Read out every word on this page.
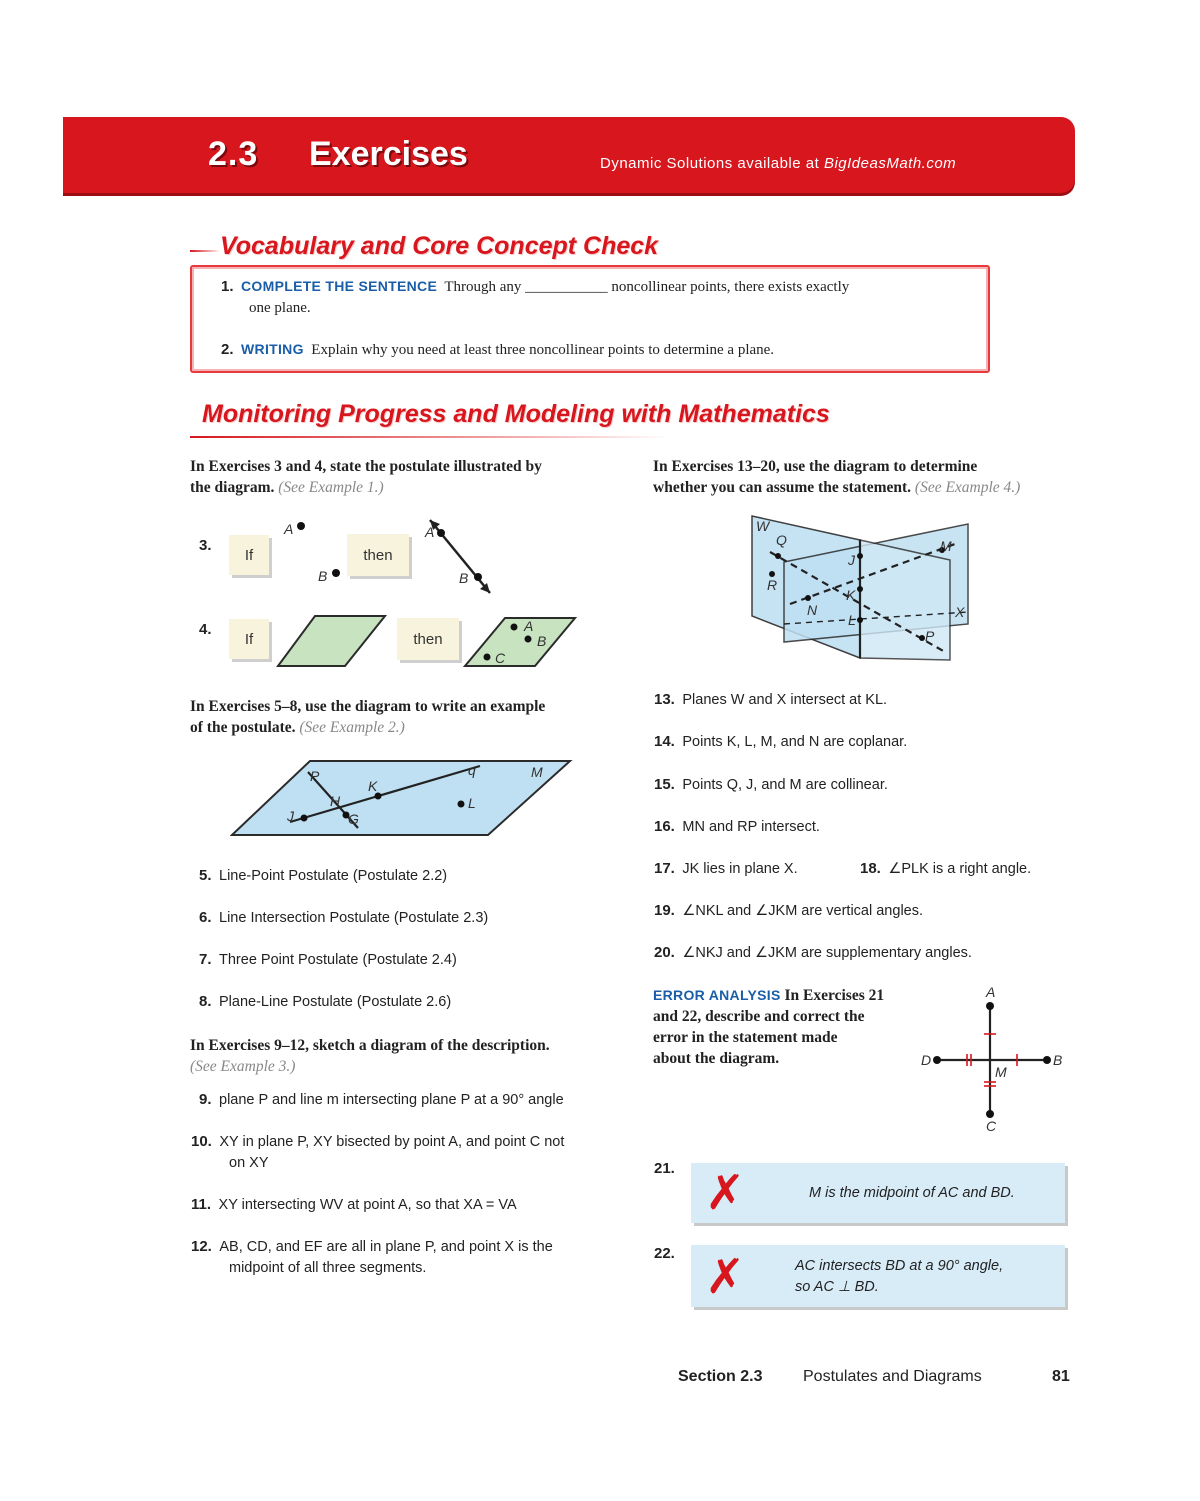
2.3 Exercises	Dynamic Solutions available at BigIdeasMath.com
Vocabulary and Core Concept Check
1. COMPLETE THE SENTENCE Through any ___________ noncollinear points, there exists exactly
one plane.
2. WRITING Explain why you need at least three noncollinear points to determine a plane.
Monitoring Progress and Modeling with Mathematics
In Exercises 3 and 4, state the postulate illustrated by
the diagram. (See Example 1.)
3.
If	then
A
B
A
B
4.
If	then
A
B
C
In Exercises 5–8, use the diagram to write an example
of the postulate. (See Example 2.)
P
K
q	M
H	L
J	G
5. Line-Point Postulate (Postulate 2.2)
6. Line Intersection Postulate (Postulate 2.3)
7. Three Point Postulate (Postulate 2.4)
8. Plane-Line Postulate (Postulate 2.6)
In Exercises 9–12, sketch a diagram of the description.
(See Example 3.)
9. plane P and line m intersecting plane P at a 90° angle
10. XY in plane P, XY bisected by point A, and point C not
on XY
11. XY intersecting WV at point A, so that XA = VA
12. AB, CD, and EF are all in plane P, and point X is the
midpoint of all three segments.
In Exercises 13–20, use the diagram to determine
whether you can assume the statement. (See Example 4.)
W
Q
J
M
R
K
N
L	X
P
13. Planes W and X intersect at KL.
14. Points K, L, M, and N are coplanar.
15. Points Q, J, and M are collinear.
16. MN and RP intersect.
17. JK lies in plane X.	18. ∠PLK is a right angle.
19. ∠NKL and ∠JKM are vertical angles.
20. ∠NKJ and ∠JKM are supplementary angles.
ERROR ANALYSIS In Exercises 21
and 22, describe and correct the
error in the statement made
about the diagram.
A
D
M
B
C
21. ✗	M is the midpoint of AC and BD.
22. ✗	AC intersects BD at a 90° angle,
so AC ⊥ BD.
Section 2.3	Postulates and Diagrams	81
